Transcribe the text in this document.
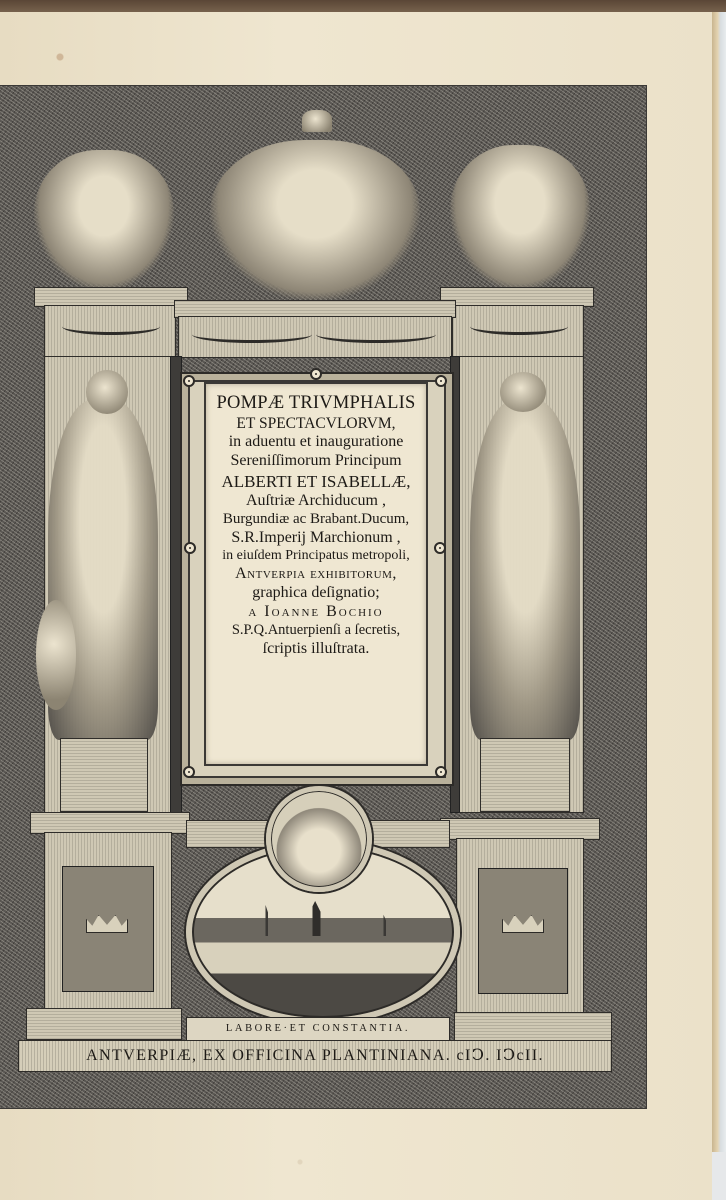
POMPÆ TRIVMPHALIS
ET SPECTACVLORVM,
in aduentu et inauguratione
Sereniſſimorum Principum
ALBERTI ET ISABELLÆ,
Auſtriæ Archiducum ,
Burgundiæ ac Brabant.Ducum,
S.R.Imperij Marchionum ,
in eiuſdem Principatus metropoli,
Antverpia exhibitorum,
graphica deſignatio;
a Ioanne Bochio
S.P.Q.Antuerpienſi a ſecretis,
ſcriptis illuſtrata.
LABORE·ET CONSTANTIA.
ANTVERPIÆ, EX OFFICINA PLANTINIANA. cIↃ. IↃcII.
